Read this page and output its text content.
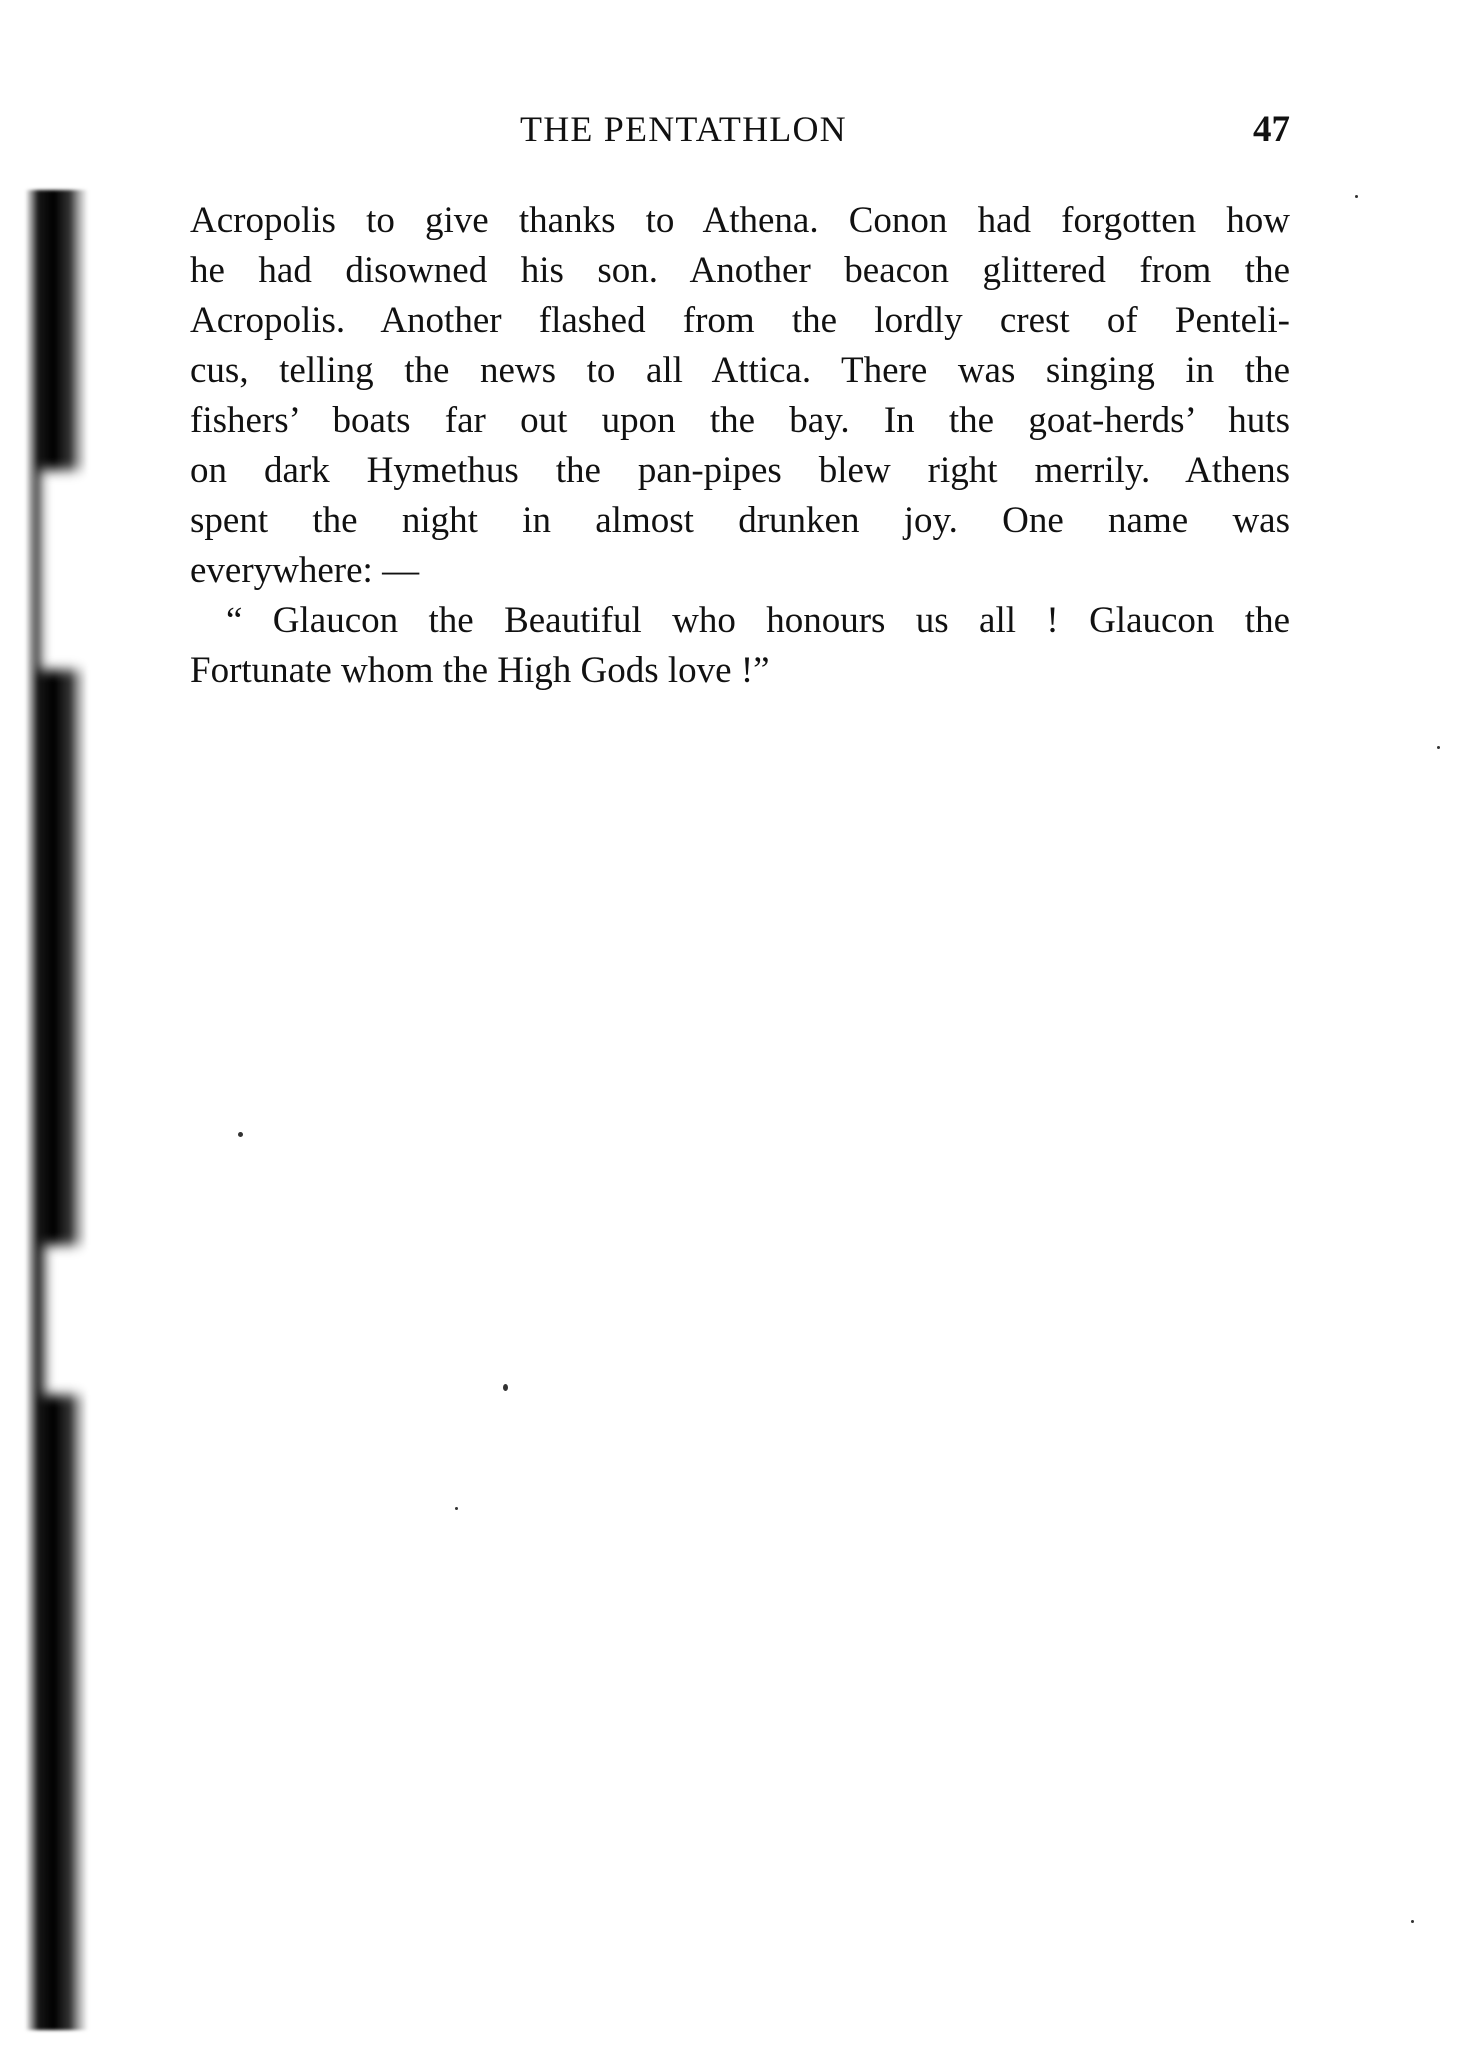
THE PENTATHLON	47
Acropolis to give thanks to Athena. Conon had forgotten how
he had disowned his son. Another beacon glittered from the
Acropolis. Another flashed from the lordly crest of Penteli-
cus, telling the news to all Attica. There was singing in the
fishers’ boats far out upon the bay. In the goat-herds’ huts
on dark Hymethus the pan-pipes blew right merrily. Athens
spent the night in almost drunken joy. One name was
everywhere: —
“ Glaucon the Beautiful who honours us all ! Glaucon the
Fortunate whom the High Gods love !”
